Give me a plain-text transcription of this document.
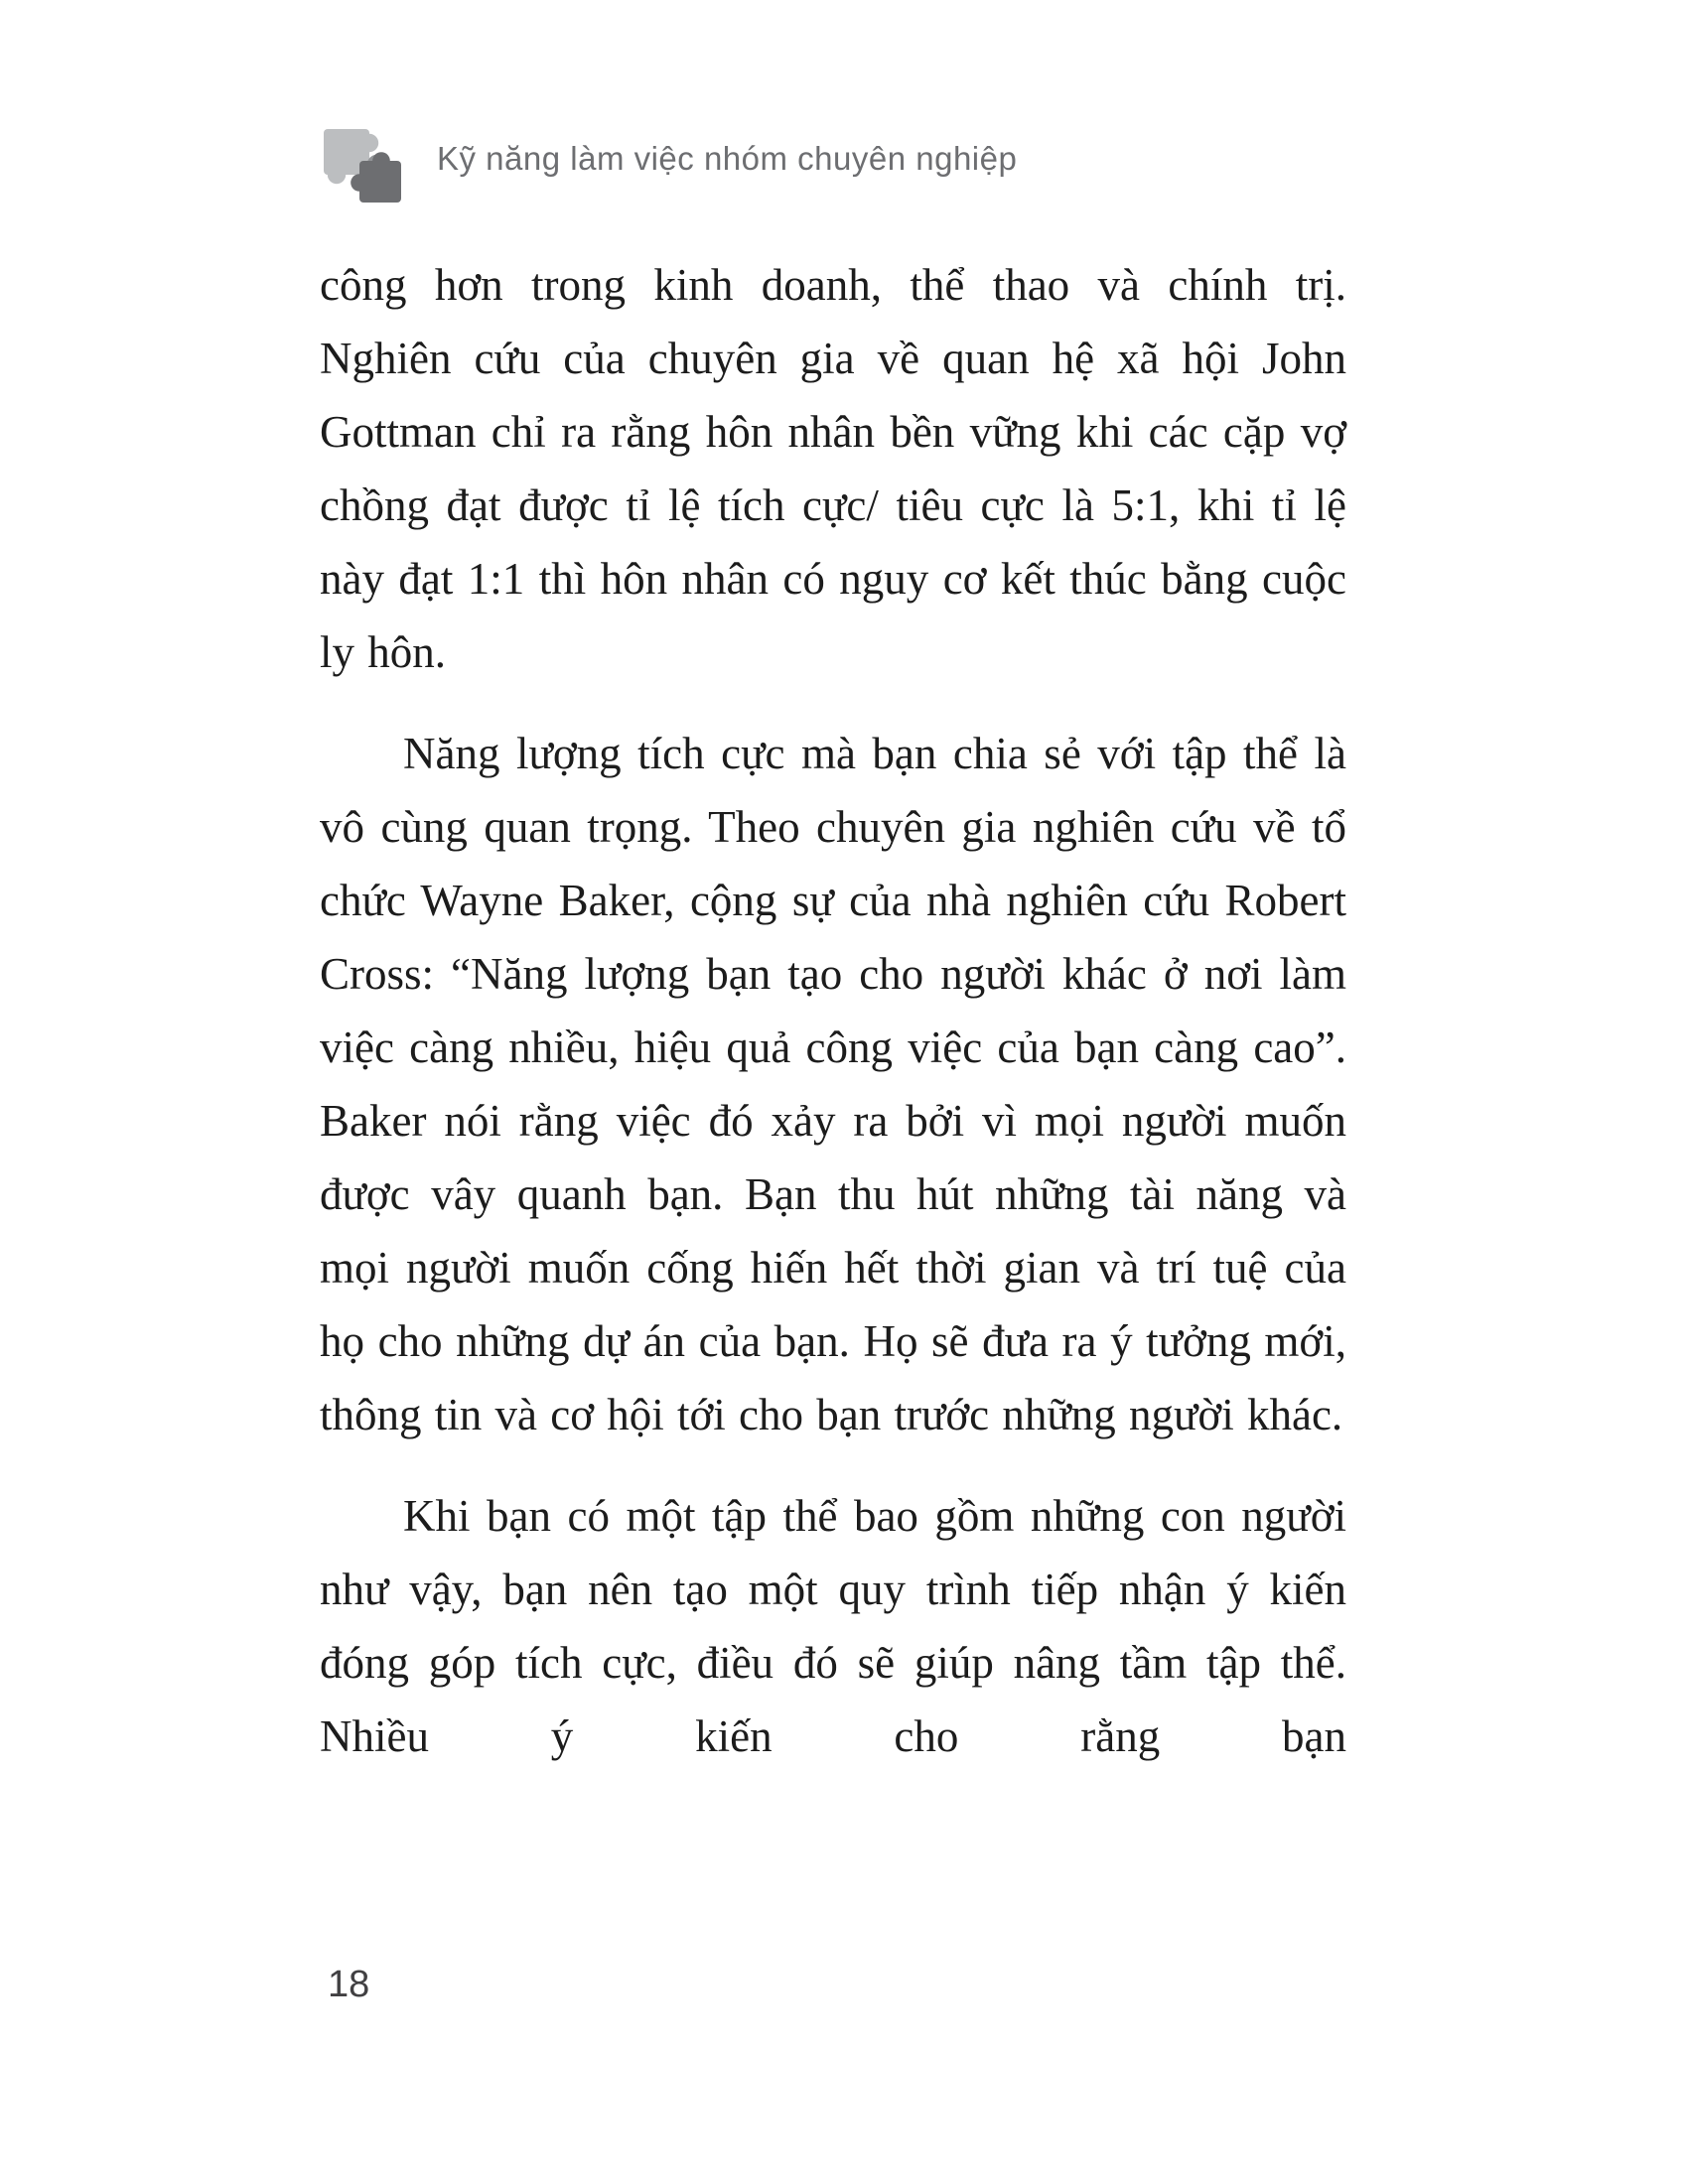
Kỹ năng làm việc nhóm chuyên nghiệp

công hơn trong kinh doanh, thể thao và chính trị. Nghiên cứu của chuyên gia về quan hệ xã hội John Gottman chỉ ra rằng hôn nhân bền vững khi các cặp vợ chồng đạt được tỉ lệ tích cực/ tiêu cực là 5:1, khi tỉ lệ này đạt 1:1 thì hôn nhân có nguy cơ kết thúc bằng cuộc ly hôn.

Năng lượng tích cực mà bạn chia sẻ với tập thể là vô cùng quan trọng. Theo chuyên gia nghiên cứu về tổ chức Wayne Baker, cộng sự của nhà nghiên cứu Robert Cross: “Năng lượng bạn tạo cho người khác ở nơi làm việc càng nhiều, hiệu quả công việc của bạn càng cao”. Baker nói rằng việc đó xảy ra bởi vì mọi người muốn được vây quanh bạn. Bạn thu hút những tài năng và mọi người muốn cống hiến hết thời gian và trí tuệ của họ cho những dự án của bạn. Họ sẽ đưa ra ý tưởng mới, thông tin và cơ hội tới cho bạn trước những người khác.

Khi bạn có một tập thể bao gồm những con người như vậy, bạn nên tạo một quy trình tiếp nhận ý kiến đóng góp tích cực, điều đó sẽ giúp nâng tầm tập thể. Nhiều ý kiến cho rằng bạn

18
